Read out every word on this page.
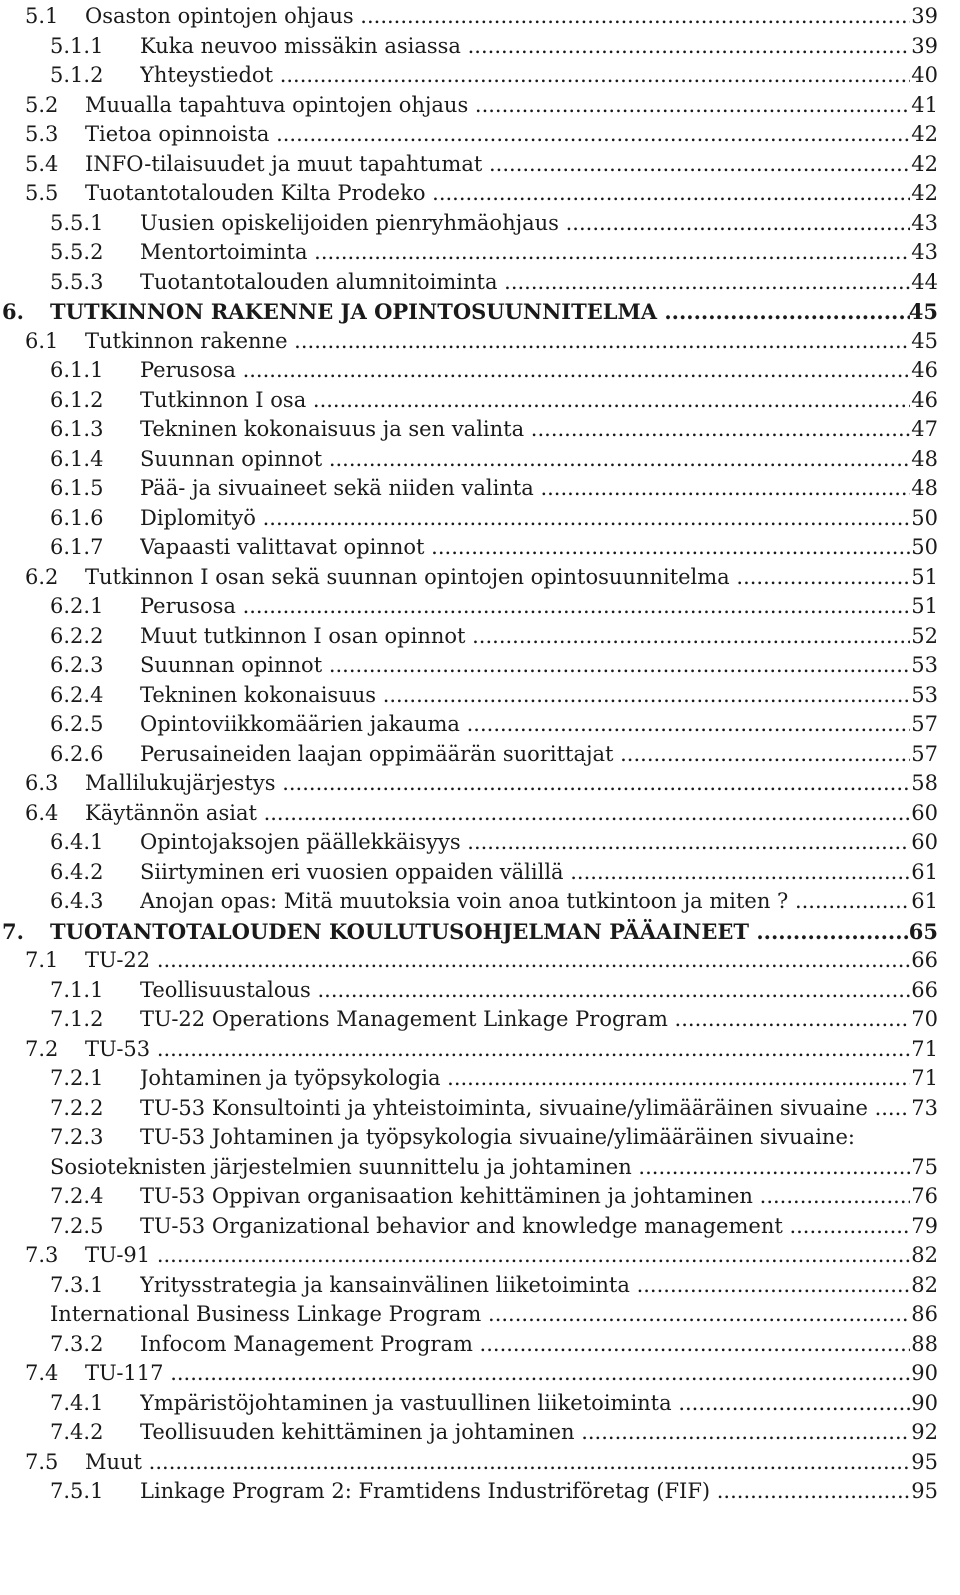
5.1 Osaston opintojen ohjaus .....	39
5.1.1 Kuka neuvoo missäkin asiassa .....	39
5.1.2 Yhteystiedot .....	40
5.2 Muualla tapahtuva opintojen ohjaus .....	41
5.3 Tietoa opinnoista .....	42
5.4 INFO-tilaisuudet ja muut tapahtumat .....	42
5.5 Tuotantotalouden Kilta Prodeko .....	42
5.5.1 Uusien opiskelijoiden pienryhmäohjaus .....	43
5.5.2 Mentortoiminta .....	43
5.5.3 Tuotantotalouden alumnitoiminta .....	44
6. TUTKINNON RAKENNE JA OPINTOSUUNNITELMA .....	45
6.1 Tutkinnon rakenne .....	45
6.1.1 Perusosa .....	46
6.1.2 Tutkinnon I osa .....	46
6.1.3 Tekninen kokonaisuus ja sen valinta .....	47
6.1.4 Suunnan opinnot .....	48
6.1.5 Pää- ja sivuaineet sekä niiden valinta .....	48
6.1.6 Diplomityö .....	50
6.1.7 Vapaasti valittavat opinnot .....	50
6.2 Tutkinnon I osan sekä suunnan opintojen opintosuunnitelma .....	51
6.2.1 Perusosa .....	51
6.2.2 Muut tutkinnon I osan opinnot .....	52
6.2.3 Suunnan opinnot .....	53
6.2.4 Tekninen kokonaisuus .....	53
6.2.5 Opintoviikkomäärien jakauma .....	57
6.2.6 Perusaineiden laajan oppimäärän suorittajat .....	57
6.3 Mallilukujärjestys .....	58
6.4 Käytännön asiat .....	60
6.4.1 Opintojaksojen päällekkäisyys .....	60
6.4.2 Siirtyminen eri vuosien oppaiden välillä .....	61
6.4.3 Anojan opas: Mitä muutoksia voin anoa tutkintoon ja miten ? .....	61
7. TUOTANTOTALOUDEN KOULUTUSOHJELMAN PÄÄAINEET .....	65
7.1 TU-22 .....	66
7.1.1 Teollisuustalous .....	66
7.1.2 TU-22 Operations Management Linkage Program .....	70
7.2 TU-53 .....	71
7.2.1 Johtaminen ja työpsykologia .....	71
7.2.2 TU-53 Konsultointi ja yhteistoiminta, sivuaine/ylimääräinen sivuaine .....	73
7.2.3 TU-53 Johtaminen ja työpsykologia sivuaine/ylimääräinen sivuaine:
Sosioteknisten järjestelmien suunnittelu ja johtaminen .....	75
7.2.4 TU-53 Oppivan organisaation kehittäminen ja johtaminen .....	76
7.2.5 TU-53 Organizational behavior and knowledge management .....	79
7.3 TU-91 .....	82
7.3.1 Yritysstrategia ja kansainvälinen liiketoiminta .....	82
International Business Linkage Program .....	86
7.3.2 Infocom Management Program .....	88
7.4 TU-117 .....	90
7.4.1 Ympäristöjohtaminen ja vastuullinen liiketoiminta .....	90
7.4.2 Teollisuuden kehittäminen ja johtaminen .....	92
7.5 Muut .....	95
7.5.1 Linkage Program 2: Framtidens Industriföretag (FIF) .....	95
